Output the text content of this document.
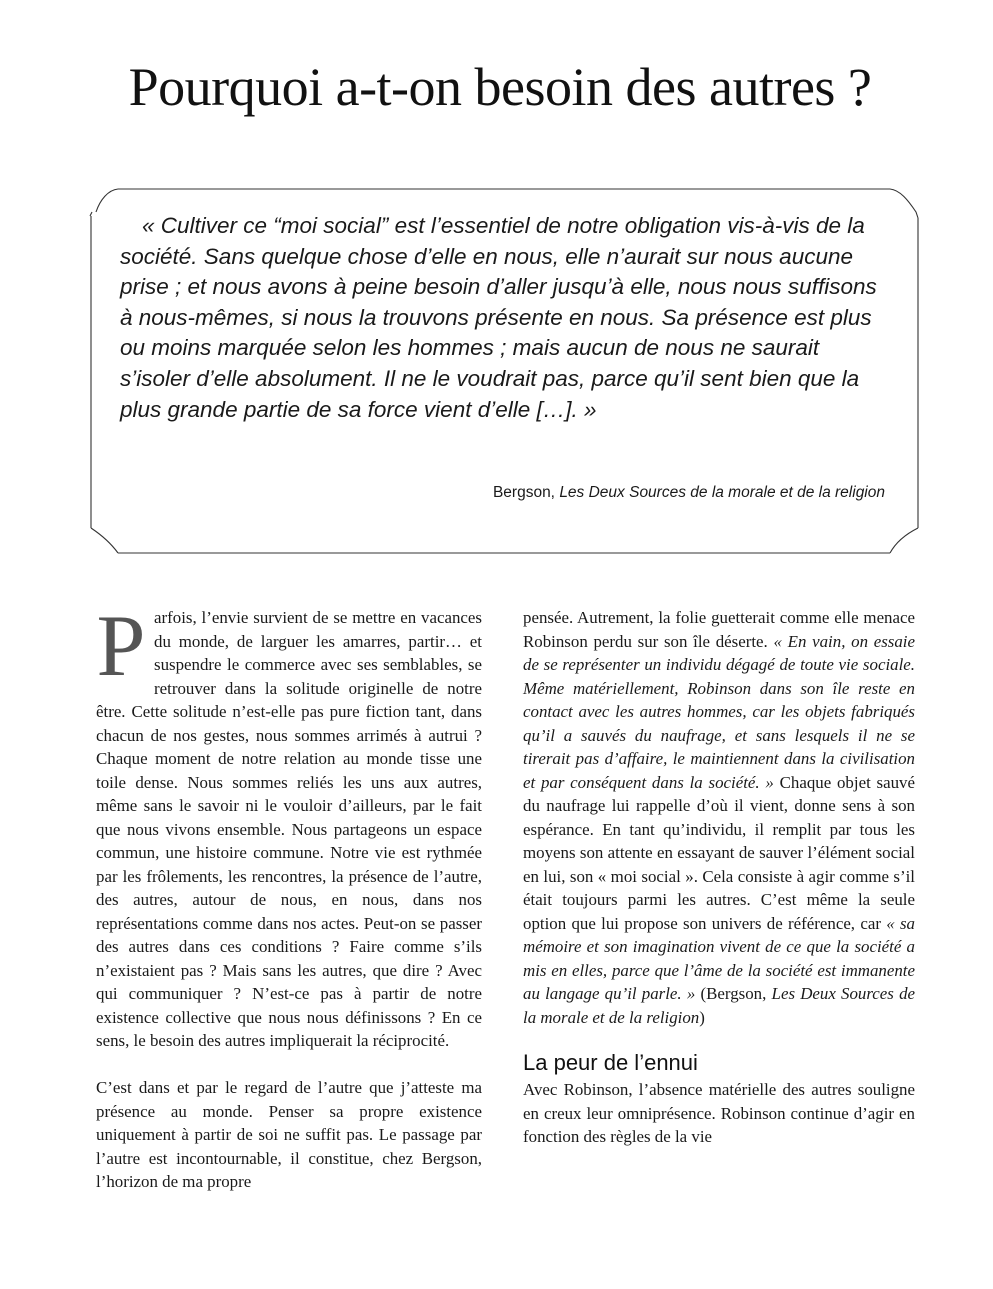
Pourquoi a-t-on besoin des autres ?

« Cultiver ce “moi social” est l’essentiel de notre obligation vis-à-vis de la société. Sans quelque chose d’elle en nous, elle n’aurait sur nous aucune prise ; et nous avons à peine besoin d’aller jusqu’à elle, nous nous suffisons à nous-mêmes, si nous la trouvons présente en nous. Sa présence est plus ou moins marquée selon les hommes ; mais aucun de nous ne saurait s’isoler d’elle absolument. Il ne le voudrait pas, parce qu’il sent bien que la plus grande partie de sa force vient d’elle […]. »

Bergson, Les Deux Sources de la morale et de la religion

Parfois, l’envie survient de se mettre en vacances du monde, de larguer les amarres, partir… et suspendre le commerce avec ses semblables, se retrouver dans la solitude originelle de notre être. Cette solitude n’est-elle pas pure fiction tant, dans chacun de nos gestes, nous sommes arrimés à autrui ? Chaque moment de notre relation au monde tisse une toile dense. Nous sommes reliés les uns aux autres, même sans le savoir ni le vouloir d’ailleurs, par le fait que nous vivons ensemble. Nous partageons un espace commun, une histoire commune. Notre vie est rythmée par les frôlements, les rencontres, la présence de l’autre, des autres, autour de nous, en nous, dans nos représentations comme dans nos actes. Peut-on se passer des autres dans ces conditions ? Faire comme s’ils n’existaient pas ? Mais sans les autres, que dire ? Avec qui communiquer ? N’est-ce pas à partir de notre existence collective que nous nous définissons ? En ce sens, le besoin des autres impliquerait la réciprocité.

C’est dans et par le regard de l’autre que j’atteste ma présence au monde. Penser sa propre existence uniquement à partir de soi ne suffit pas. Le passage par l’autre est incontournable, il constitue, chez Bergson, l’horizon de ma propre

pensée. Autrement, la folie guetterait comme elle menace Robinson perdu sur son île déserte. « En vain, on essaie de se représenter un individu dégagé de toute vie sociale. Même matériellement, Robinson dans son île reste en contact avec les autres hommes, car les objets fabriqués qu’il a sauvés du naufrage, et sans lesquels il ne se tirerait pas d’affaire, le maintiennent dans la civilisation et par conséquent dans la société. » Chaque objet sauvé du naufrage lui rappelle d’où il vient, donne sens à son espérance. En tant qu’individu, il remplit par tous les moyens son attente en essayant de sauver l’élément social en lui, son « moi social ». Cela consiste à agir comme s’il était toujours parmi les autres. C’est même la seule option que lui propose son univers de référence, car « sa mémoire et son imagination vivent de ce que la société a mis en elles, parce que l’âme de la société est immanente au langage qu’il parle. » (Bergson, Les Deux Sources de la morale et de la religion)

La peur de l’ennui

Avec Robinson, l’absence matérielle des autres souligne en creux leur omniprésence. Robinson continue d’agir en fonction des règles de la vie
